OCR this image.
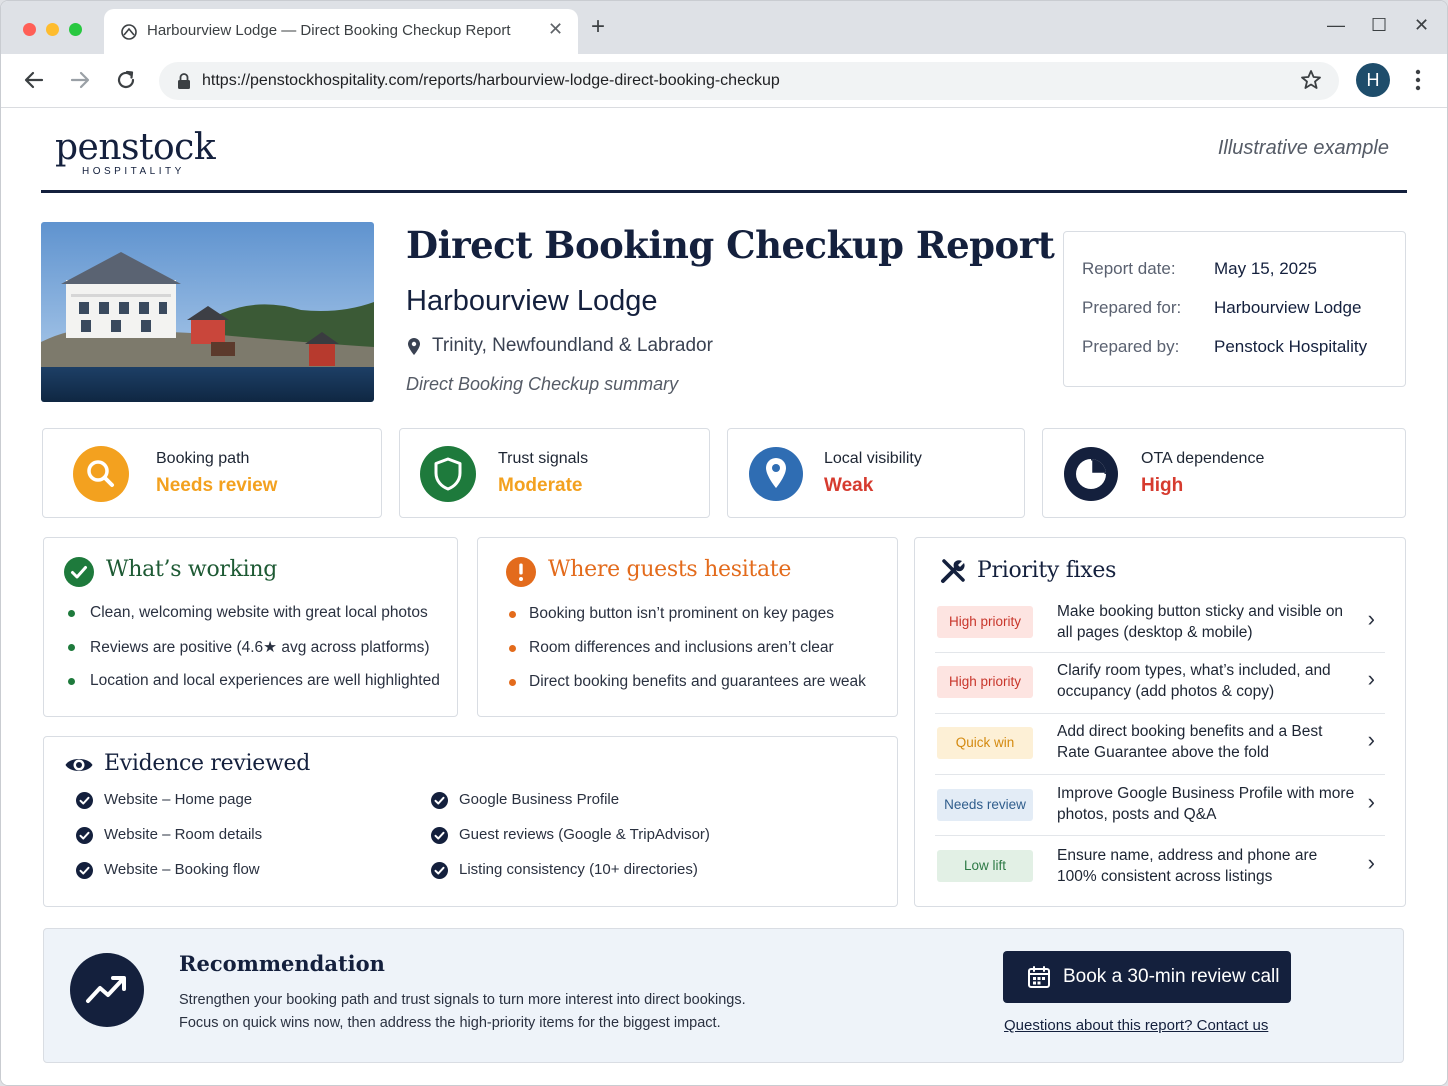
Harbourview Lodge — Direct Booking Checkup Report ✕ +	— ☐ ✕
https://penstockhospitality.com/reports/harbourview-lodge-direct-booking-checkup	H
penstock
HOSPITALITY
Illustrative example
Direct Booking Checkup Report
Harbourview Lodge
Trinity, Newfoundland & Labrador
Direct Booking Checkup summary
Report date: May 15, 2025
Prepared for: Harbourview Lodge
Prepared by: Penstock Hospitality
Booking path
Needs review
Trust signals
Moderate
Local visibility
Weak
OTA dependence
High
What’s working
Clean, welcoming website with great local photos
Reviews are positive (4.6★ avg across platforms)
Location and local experiences are well highlighted
Where guests hesitate
Booking button isn’t prominent on key pages
Room differences and inclusions aren’t clear
Direct booking benefits and guarantees are weak
Evidence reviewed
Website – Home page
Website – Room details
Website – Booking flow
Google Business Profile
Guest reviews (Google & TripAdvisor)
Listing consistency (10+ directories)
Priority fixes
High priority
Make booking button sticky and visible on all pages (desktop & mobile)
›
High priority
Clarify room types, what’s included, and occupancy (add photos & copy)
›
Quick win
Add direct booking benefits and a Best Rate Guarantee above the fold
›
Needs review
Improve Google Business Profile with more photos, posts and Q&A
›
Low lift
Ensure name, address and phone are 100% consistent across listings
›
Recommendation
Strengthen your booking path and trust signals to turn more interest into direct bookings.
Focus on quick wins now, then address the high-priority items for the biggest impact.
Book a 30-min review call
Questions about this report? Contact us
